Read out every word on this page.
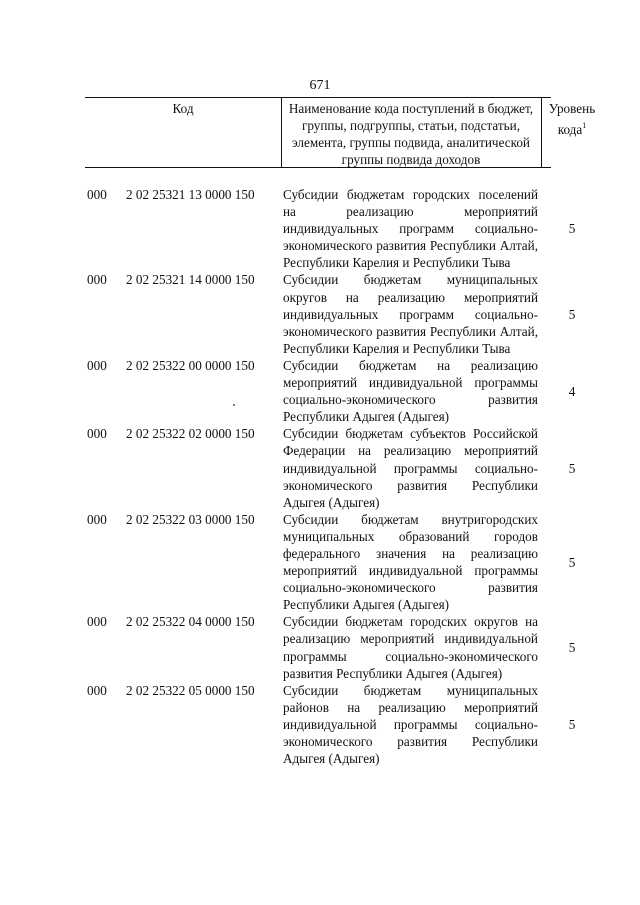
671
Код	Наименование кода поступлений в бюджет, группы, подгруппы, статьи, подстатьи, элемента, группы подвида, аналитической группы подвида доходов
Уровень кода$^1$
000 2 02 25321 13 0000 150 Субсидии бюджетам городских поселений на реализацию мероприятий индивидуальных программ социально-экономического развития Республики Алтай, Республики Карелия и Республики Тыва
5
000 2 02 25321 14 0000 150 Субсидии бюджетам муниципальных округов на реализацию мероприятий индивидуальных программ социально-экономического развития Республики Алтай, Республики Карелия и Республики Тыва
5
000 2 02 25322 00 0000 150 Субсидии бюджетам на реализацию мероприятий индивидуальной программы социально-экономического развития Республики Адыгея (Адыгея)
4
000 2 02 25322 02 0000 150 Субсидии бюджетам субъектов Российской Федерации на реализацию мероприятий индивидуальной программы социально-экономического развития Республики Адыгея (Адыгея)
5
000 2 02 25322 03 0000 150 Субсидии бюджетам внутригородских муниципальных образований городов федерального значения на реализацию мероприятий индивидуальной программы социально-экономического развития Республики Адыгея (Адыгея)
5
000 2 02 25322 04 0000 150 Субсидии бюджетам городских округов на реализацию мероприятий индивидуальной программы социально-экономического развития Республики Адыгея (Адыгея)
5
000 2 02 25322 05 0000 150 Субсидии бюджетам муниципальных районов на реализацию мероприятий индивидуальной программы социально-экономического развития Республики Адыгея (Адыгея)
5
